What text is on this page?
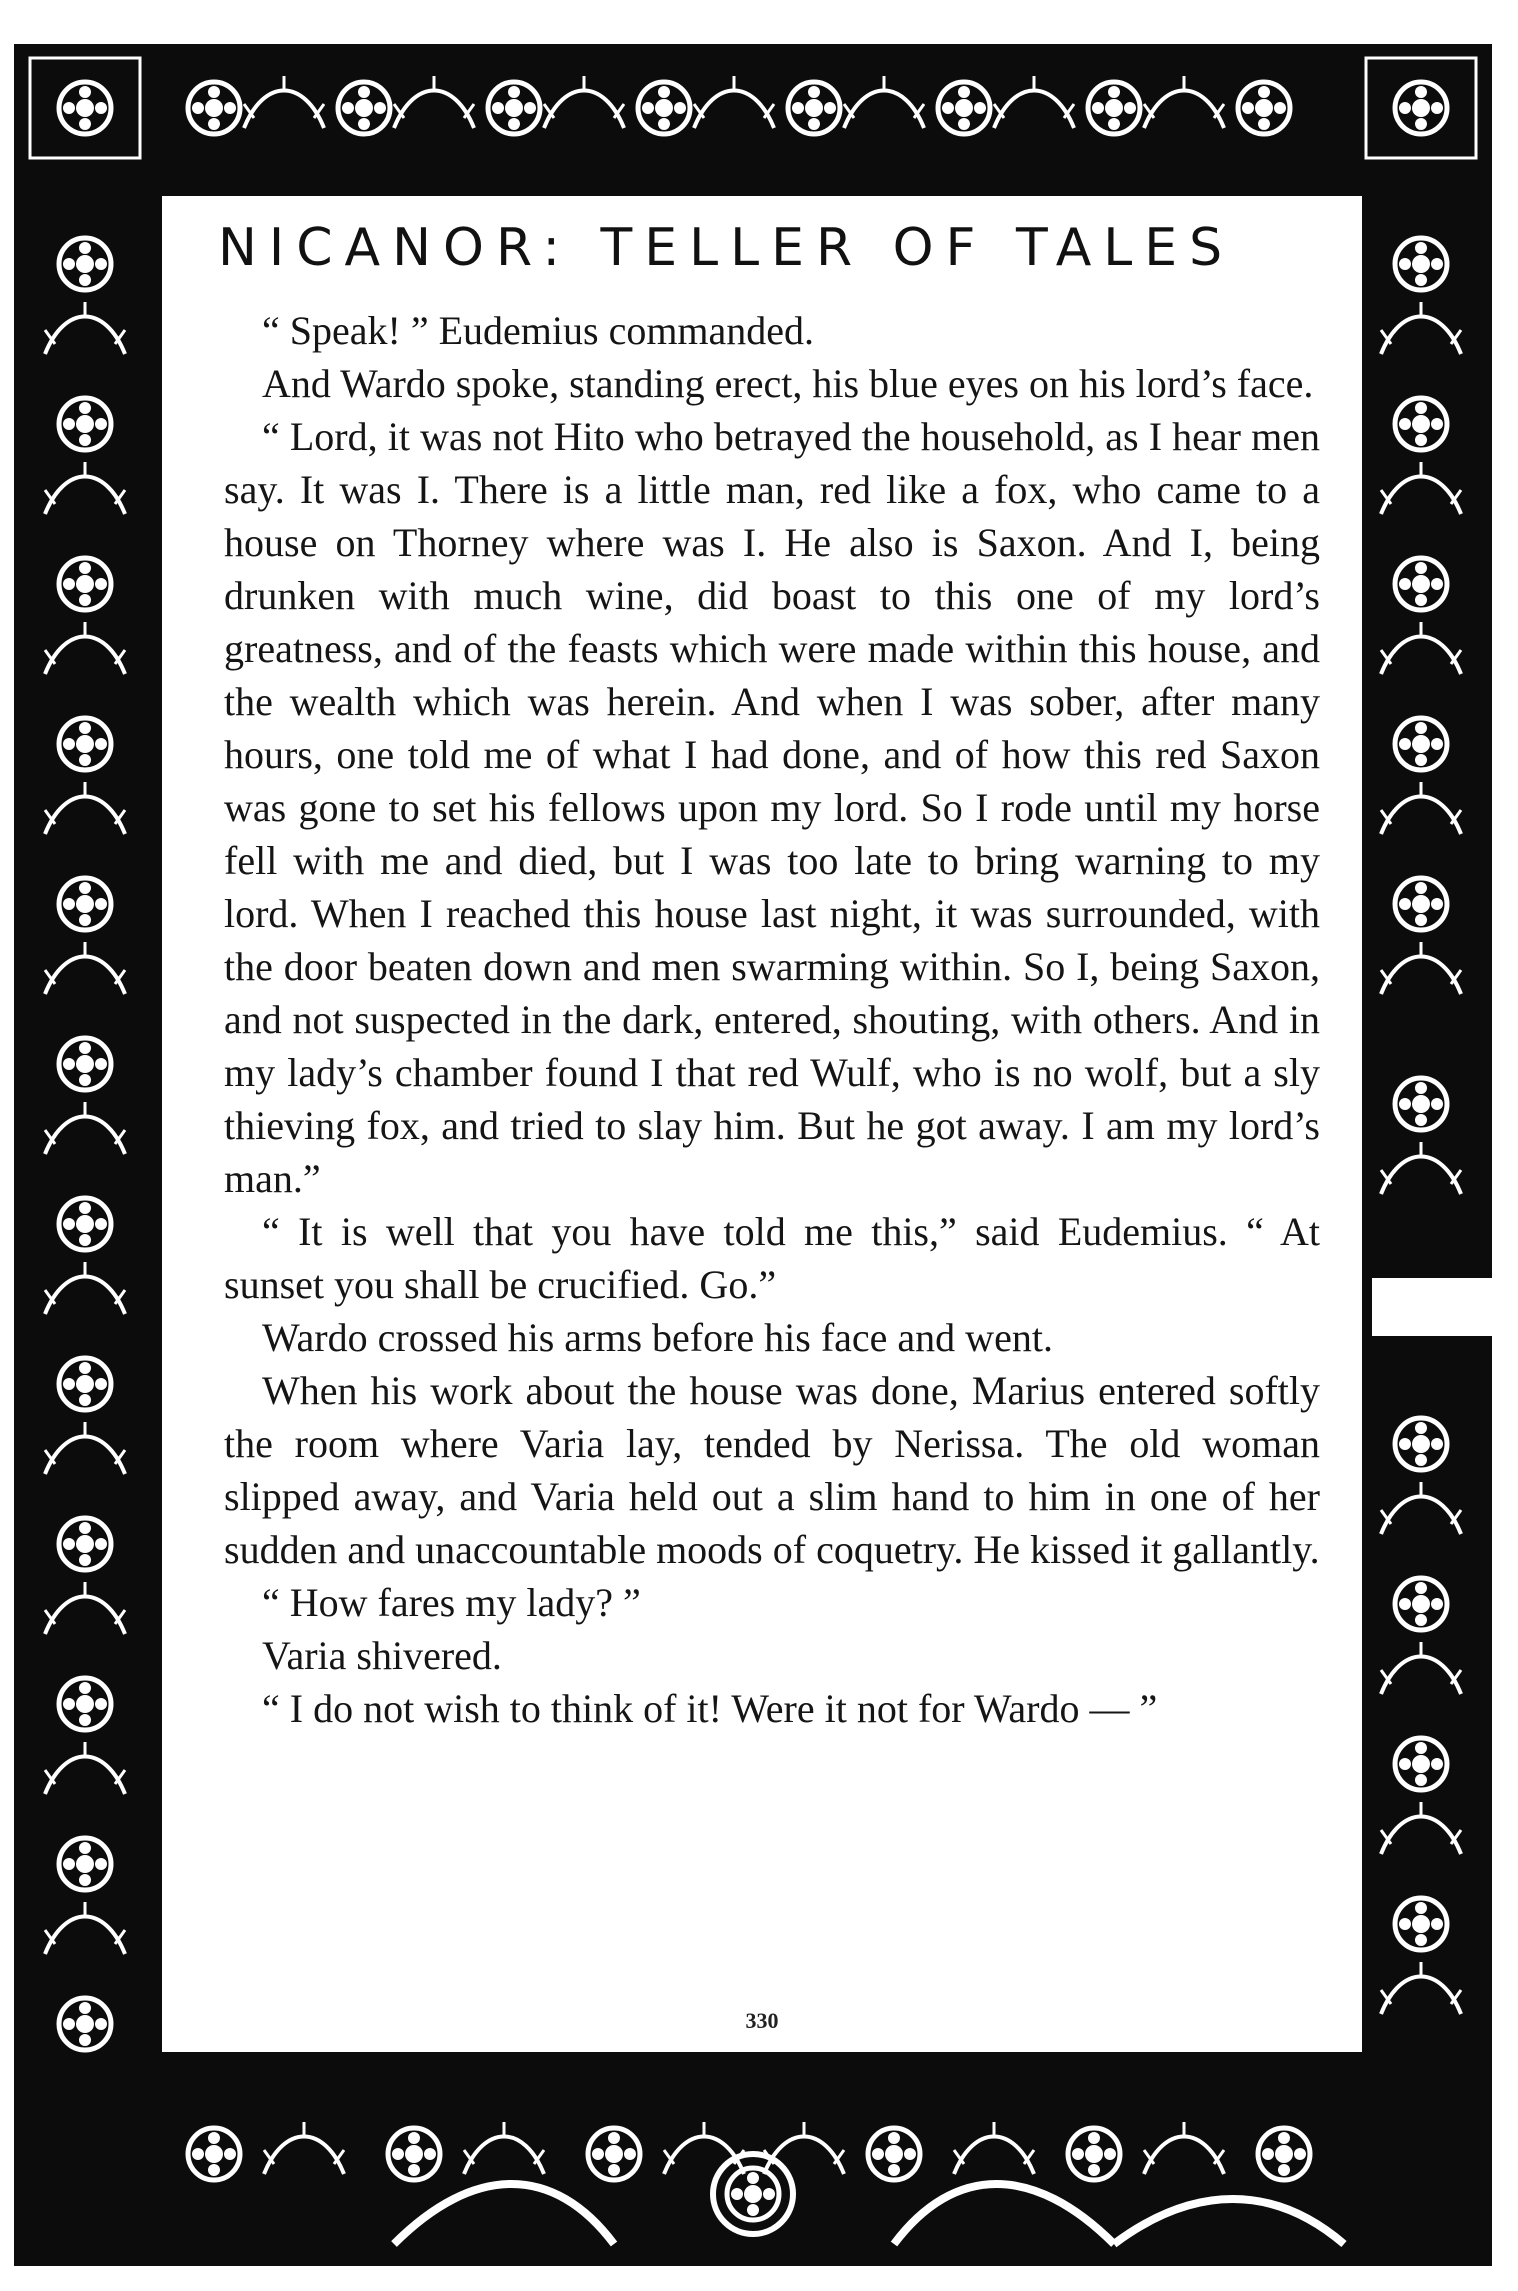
NICANOR: TELLER OF TALES

“ Speak! ” Eudemius commanded.

And Wardo spoke, standing erect, his blue eyes on his lord’s face.

“ Lord, it was not Hito who betrayed the household, as I hear men say. It was I. There is a little man, red like a fox, who came to a house on Thorney where was I. He also is Saxon. And I, being drunken with much wine, did boast to this one of my lord’s greatness, and of the feasts which were made within this house, and the wealth which was herein. And when I was sober, after many hours, one told me of what I had done, and of how this red Saxon was gone to set his fellows upon my lord. So I rode until my horse fell with me and died, but I was too late to bring warning to my lord. When I reached this house last night, it was surrounded, with the door beaten down and men swarming within. So I, being Saxon, and not suspected in the dark, entered, shouting, with others. And in my lady’s chamber found I that red Wulf, who is no wolf, but a sly thieving fox, and tried to slay him. But he got away. I am my lord’s man.”

“ It is well that you have told me this,” said Eudemius. “ At sunset you shall be crucified. Go.”

Wardo crossed his arms before his face and went.

When his work about the house was done, Marius entered softly the room where Varia lay, tended by Nerissa. The old woman slipped away, and Varia held out a slim hand to him in one of her sudden and unaccountable moods of coquetry. He kissed it gallantly.

“ How fares my lady? ”

Varia shivered.

“ I do not wish to think of it! Were it not for Wardo — ”

330
